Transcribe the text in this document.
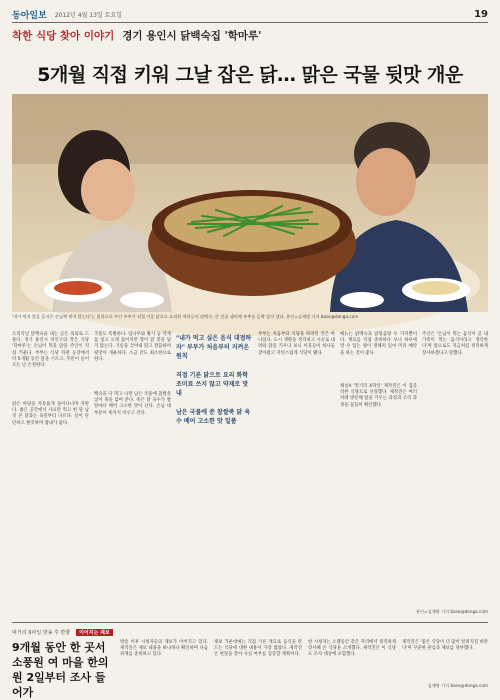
동아일보 2012년 4월 13일 토요일	19
착한 식당 찾아 이야기 경기 용인시 닭백숙집 '학마루'
5개월 직접 키워 그날 잡은 닭… 맑은 국물 뒷맛 개운
'내가 먹지 않을 음식은 손님께 팔지 않는다'는 철학으로 주인 부부가 직접 키운 닭으로 요리한 학마루의 닭백숙. 큰 전골 냄비에 부추를 듬뿍 얹어 낸다. 용인=김재명 기자 base@donga.com

오리지널 닭백숙을 내는 곳은 의외로 드물다. 경기 용인시 처인구의 작은 식당 '학마루'는 손님이 먹을 닭을 주인이 직접 키운다. 부부는 식당 뒤편 농장에서 약 5개월 동안 닭을 기르고, 주문이 들어오는 날 손질한다.

닭은 마당을 자유롭게 돌아다니며 자란다. 좁은 공간에서 사료만 먹고 한 달 남짓 큰 닭과는 육질부터 다르다. 살이 단단하고 쫄깃하며 잡내가 없다.

국물도 특별하다. 엄나무와 황기 등 약재를 넣고 오래 끓이지만 향이 닭 맛을 덮지 않는다. 기름을 걷어내 맑고 깔끔하며 뒷맛이 개운하다. 소금 간도 최소한으로 한다.

백숙을 다 먹고 나면 남은 국물에 찹쌀을 넣어 죽을 끓여 준다. 죽은 닭 육수가 쌀알마다 배어 고소한 맛이 난다. 손님 대부분이 죽까지 비우고 간다.

"내가 먹고 싶은 음식 대접하자" 부부가 처음부터 지켜온 원칙

직접 기른 닭으로 요리 화학조미료 쓰지 않고 약재로 맛 내

남은 국물에 쑨 찹쌀죽 닭 육수 배어 고소한 맛 일품

부부는 처음부터 식당을 하려던 것은 아니었다. 도시 생활을 정리하고 시골로 내려와 닭을 키우다 보니 이웃들이 하나둘 찾아왔고 자연스럽게 식당이 됐다.

메뉴는 닭백숙과 닭볶음탕 두 가지뿐이다. 재료를 직접 준비하다 보니 하루에 낼 수 있는 양이 정해져 있어 미리 예약을 하는 것이 좋다.

채널A '먹거리 X파일' 제작진은 이 집을 착한 식당으로 선정했다. 제작진은 여러 차례 방문해 닭을 키우는 과정과 조리 과정을 꼼꼼히 확인했다.

주인은 '손님이 먹는 음식이 곧 내 가족이 먹는 음식이라고 생각한다'며 앞으로도 지금처럼 정직하게 장사하겠다고 말했다.

용인=김재명 기자 base@donga.com
먹거리 X파일 방송 후 반향	이어지는 제보
9개월 동안 한 곳서 소풍원 여 마을 한의원 2일부터 조사 들어가

방송 이후 시청자들의 제보가 이어지고 있다. 제작진은 제보 내용을 하나하나 확인하며 다음 취재를 준비하고 있다.

제보 가운데에는 직접 기른 재료로 음식을 만드는 식당에 대한 내용이 가장 많았다. 제작진은 현장을 찾아 사실 여부를 검증할 계획이다.

한 시청자는 오랫동안 같은 자리에서 정직하게 장사해 온 식당을 소개했다. 제작진은 이 식당도 조사 대상에 포함했다.

제작진은 '좋은 식당이 더 많이 알려지길 바란다'며 꾸준한 관심과 제보를 당부했다.

김재명 기자 base@donga.com
